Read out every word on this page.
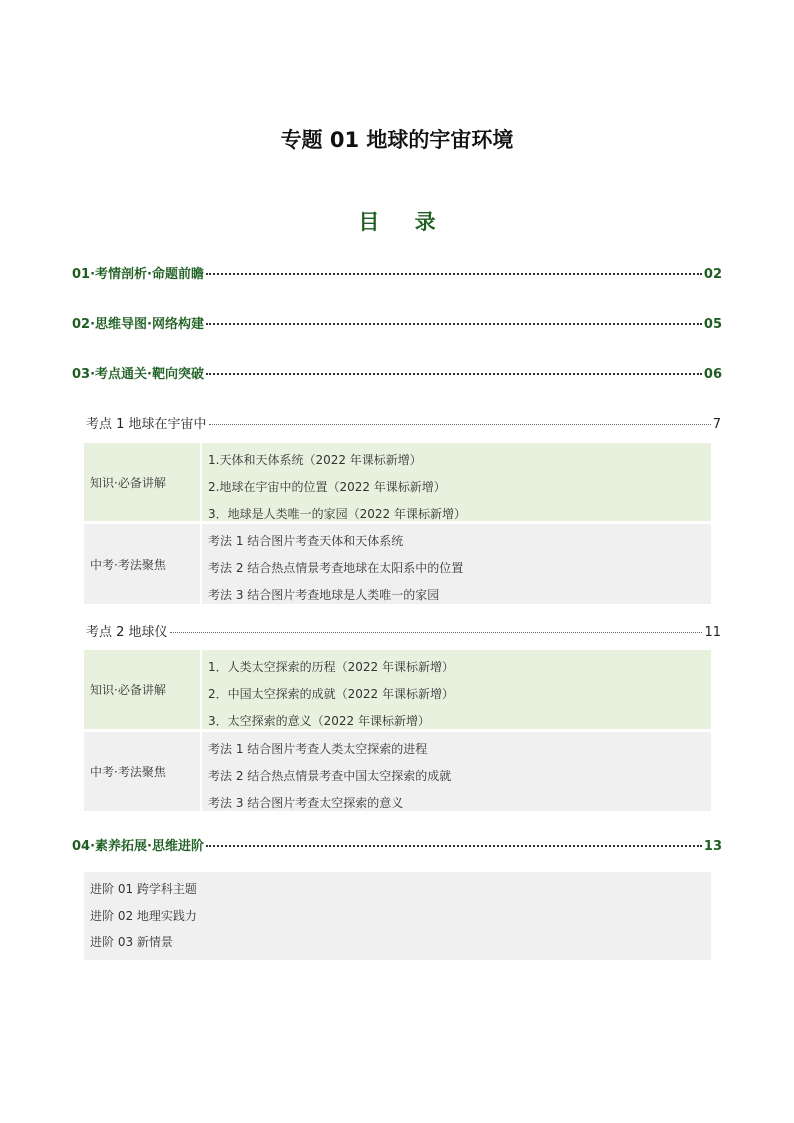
专题 01 地球的宇宙环境
目 录
01·考情剖析·命题前瞻	02
02·思维导图·网络构建	05
03·考点通关·靶向突破	06
考点 1 地球在宇宙中	7
知识·必备讲解
1.天体和天体系统（2022 年课标新增）
2.地球在宇宙中的位置（2022 年课标新增）
3．地球是人类唯一的家园（2022 年课标新增）
中考·考法聚焦
考法 1 结合图片考查天体和天体系统
考法 2 结合热点情景考查地球在太阳系中的位置
考法 3 结合图片考查地球是人类唯一的家园
考点 2 地球仪	11
知识·必备讲解
1．人类太空探索的历程（2022 年课标新增）
2．中国太空探索的成就（2022 年课标新增）
3．太空探索的意义（2022 年课标新增）
中考·考法聚焦
考法 1 结合图片考查人类太空探索的进程
考法 2 结合热点情景考查中国太空探索的成就
考法 3 结合图片考查太空探索的意义
04·素养拓展·思维进阶	13
进阶 01 跨学科主题
进阶 02 地理实践力
进阶 03 新情景
